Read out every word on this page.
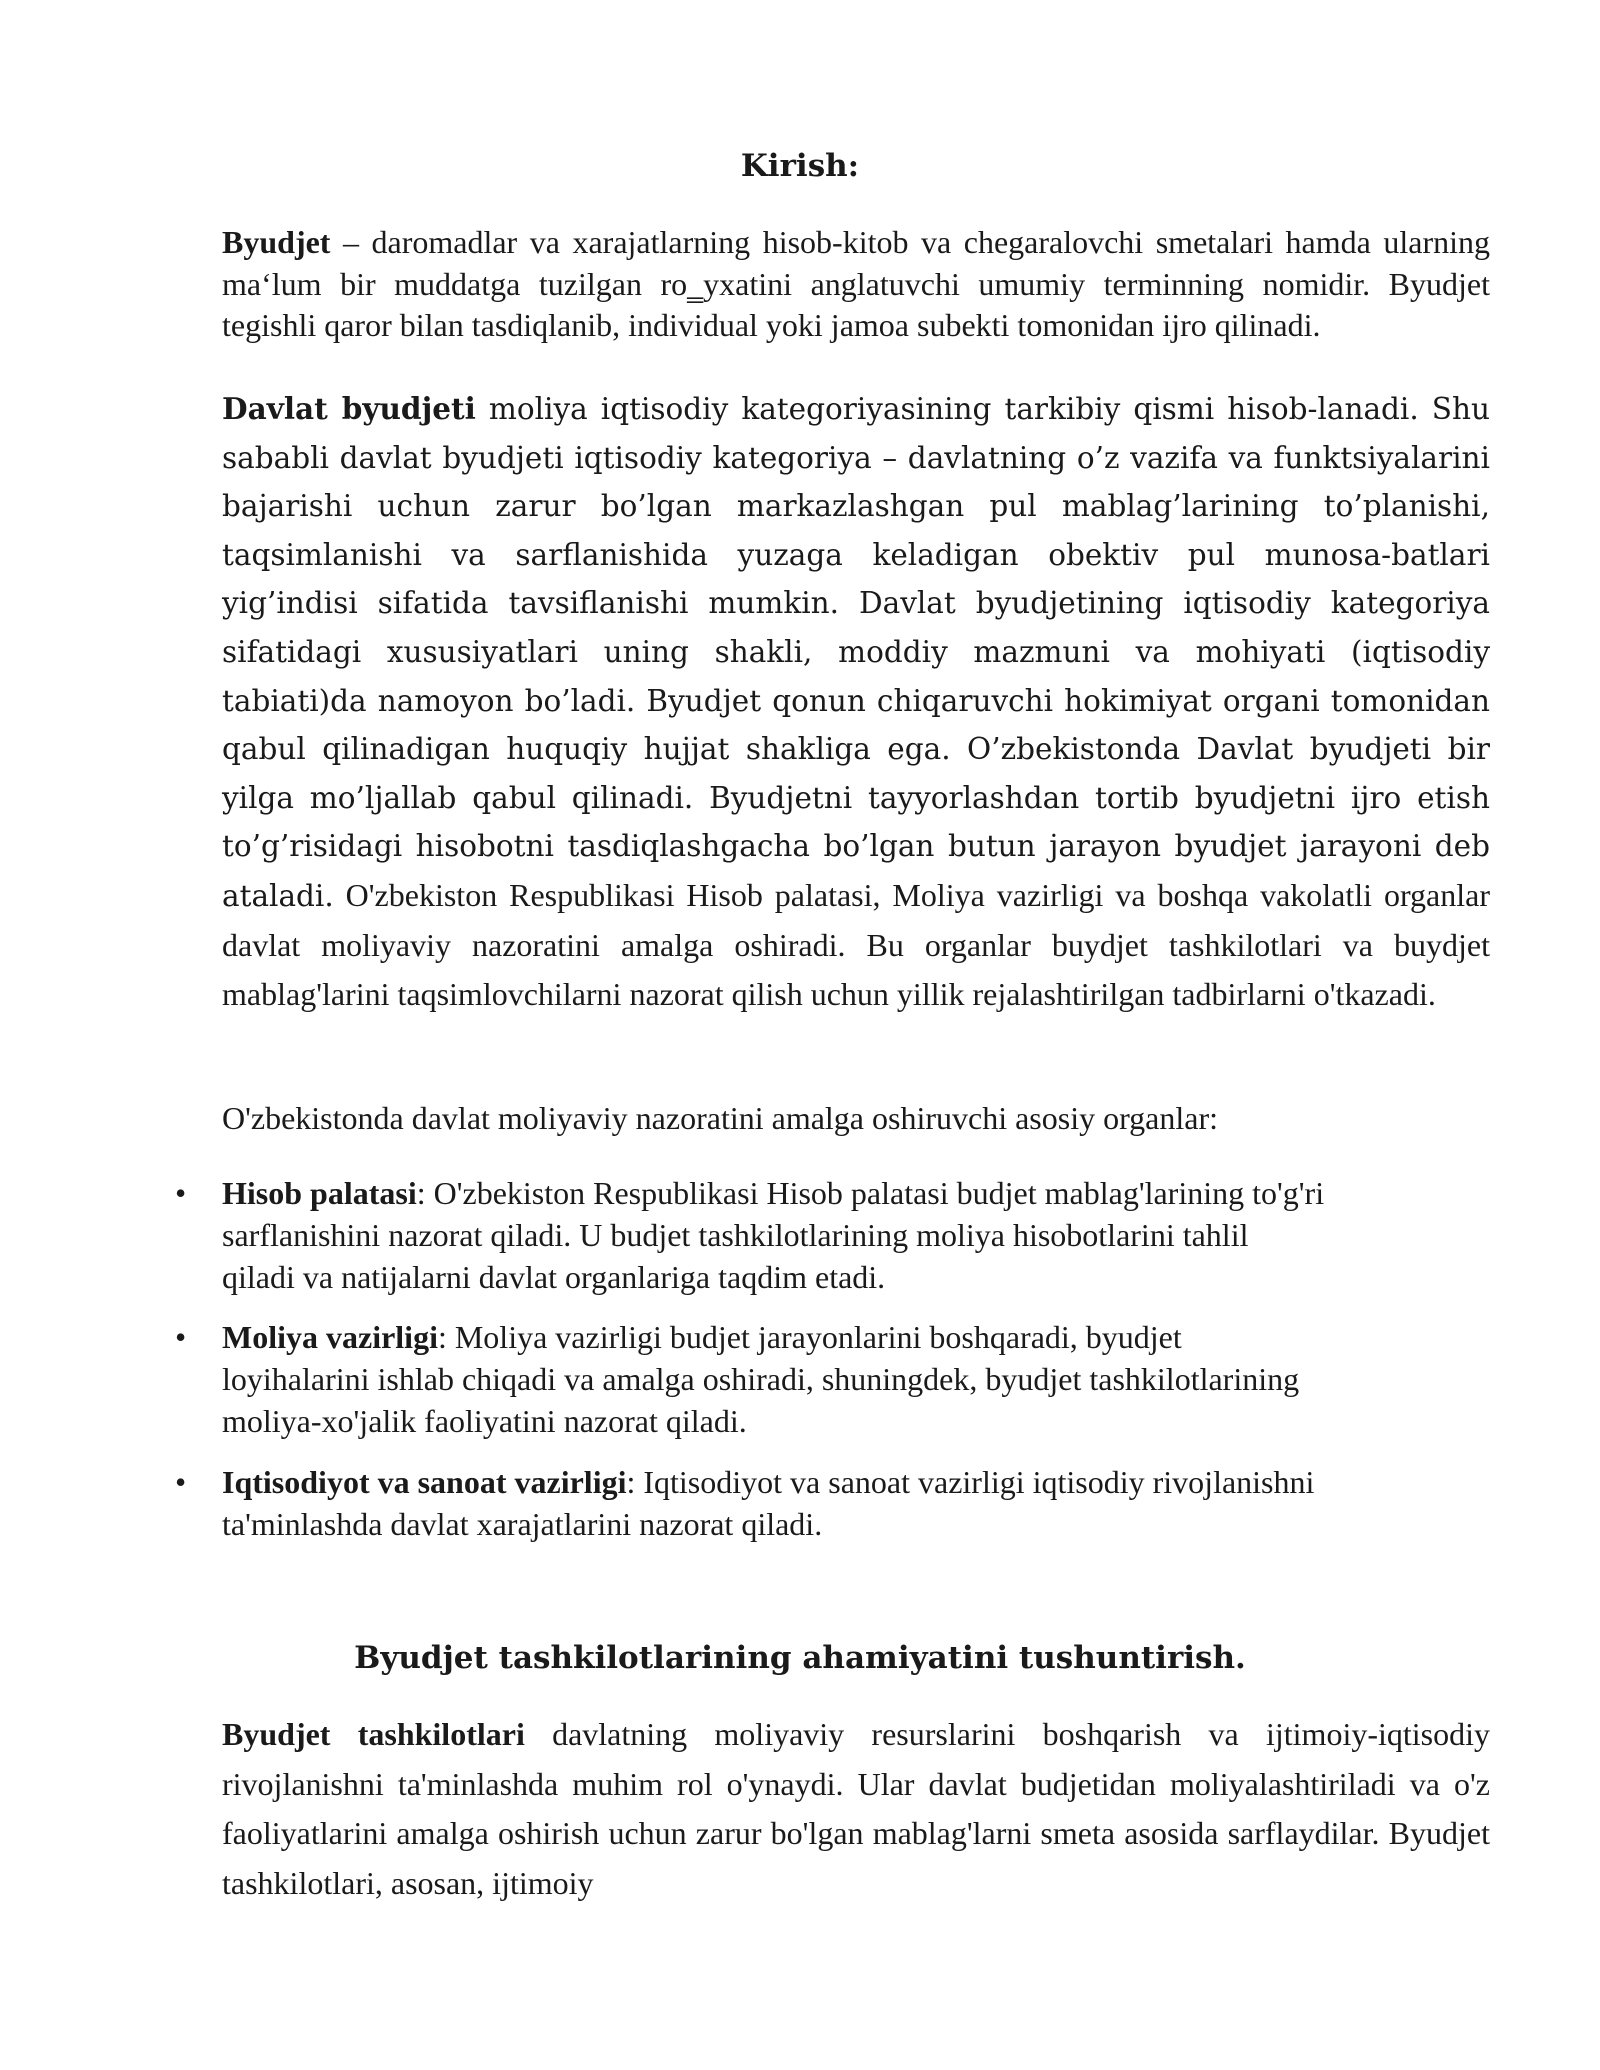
Kirish:

Byudjet – daromadlar va xarajatlarning hisob-kitob va chegaralovchi smetalari hamda ularning maʻlum bir muddatga tuzilgan ro‗yxatini anglatuvchi umumiy terminning nomidir. Byudjet tegishli qaror bilan tasdiqlanib, individual yoki jamoa subekti tomonidan ijro qilinadi.

Davlat byudjeti moliya iqtisodiy kategoriyasining tarkibiy qismi hisob-lanadi. Shu sababli davlat byudjeti iqtisodiy kategoriya – davlatning o’z vazifa va funktsiyalarini bajarishi uchun zarur bo’lgan markazlashgan pul mablag’larining to’planishi, taqsimlanishi va sarflanishida yuzaga keladigan obektiv pul munosa-batlari yig’indisi sifatida tavsiflanishi mumkin. Davlat byudjetining iqtisodiy kategoriya sifatidagi xususiyatlari uning shakli, moddiy mazmuni va mohiyati (iqtisodiy tabiati)da namoyon bo’ladi. Byudjet qonun chiqaruvchi hokimiyat organi tomonidan qabul qilinadigan huquqiy hujjat shakliga ega. O’zbekistonda Davlat byudjeti bir yilga mo’ljallab qabul qilinadi. Byudjetni tayyorlashdan tortib byudjetni ijro etish to’g’risidagi hisobotni tasdiqlashgacha bo’lgan butun jarayon byudjet jarayoni deb ataladi. O'zbekiston Respublikasi Hisob palatasi, Moliya vazirligi va boshqa vakolatli organlar davlat moliyaviy nazoratini amalga oshiradi. Bu organlar buydjet tashkilotlari va buydjet mablag'larini taqsimlovchilarni nazorat qilish uchun yillik rejalashtirilgan tadbirlarni o'tkazadi.

O'zbekistonda davlat moliyaviy nazoratini amalga oshiruvchi asosiy organlar:

• Hisob palatasi: O'zbekiston Respublikasi Hisob palatasi budjet mablag'larining to'g'ri
sarflanishini nazorat qiladi. U budjet tashkilotlarining moliya hisobotlarini tahlil
qiladi va natijalarni davlat organlariga taqdim etadi.

• Moliya vazirligi: Moliya vazirligi budjet jarayonlarini boshqaradi, byudjet
loyihalarini ishlab chiqadi va amalga oshiradi, shuningdek, byudjet tashkilotlarining
moliya-xo'jalik faoliyatini nazorat qiladi.

• Iqtisodiyot va sanoat vazirligi: Iqtisodiyot va sanoat vazirligi iqtisodiy rivojlanishni
ta'minlashda davlat xarajatlarini nazorat qiladi.

Byudjet tashkilotlarining ahamiyatini tushuntirish.

Byudjet tashkilotlari davlatning moliyaviy resurslarini boshqarish va ijtimoiy-iqtisodiy rivojlanishni ta'minlashda muhim rol o'ynaydi. Ular davlat budjetidan moliyalashtiriladi va o'z faoliyatlarini amalga oshirish uchun zarur bo'lgan mablag'larni smeta asosida sarflaydilar. Byudjet tashkilotlari, asosan, ijtimoiy
